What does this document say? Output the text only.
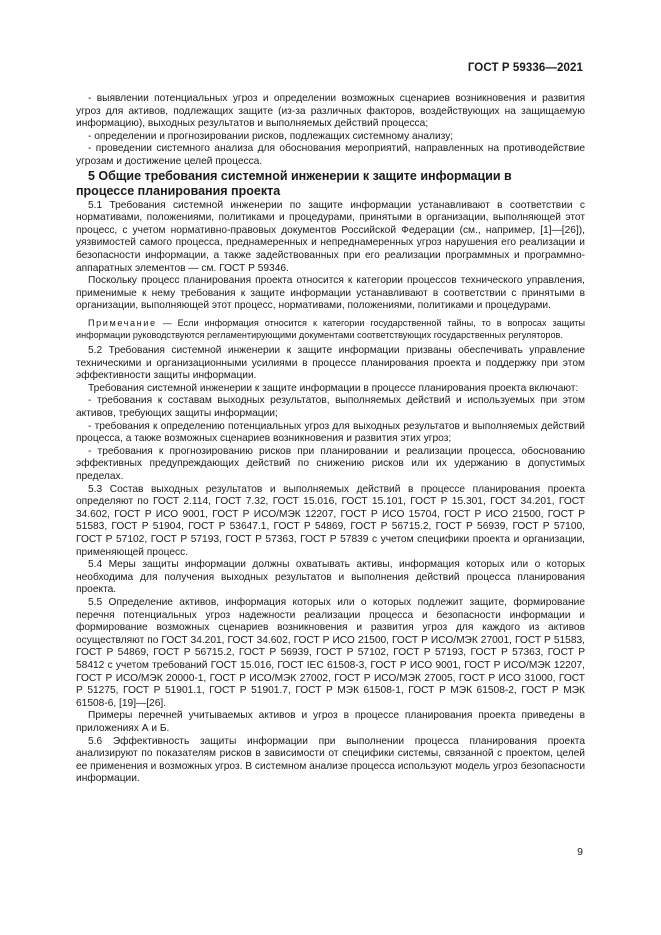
ГОСТ Р 59336—2021

- выявлении потенциальных угроз и определении возможных сценариев возникновения и развития угроз для активов, подлежащих защите (из-за различных факторов, воздействующих на защищаемую информацию), выходных результатов и выполняемых действий процесса;

- определении и прогнозировании рисков, подлежащих системному анализу;

- проведении системного анализа для обоснования мероприятий, направленных на противодействие угрозам и достижение целей процесса.

5 Общие требования системной инженерии к защите информации в процессе планирования проекта

5.1 Требования системной инженерии по защите информации устанавливают в соответствии с нормативами, положениями, политиками и процедурами, принятыми в организации, выполняющей этот процесс, с учетом нормативно-правовых документов Российской Федерации (см., например, [1]—[26]), уязвимостей самого процесса, преднамеренных и непреднамеренных угроз нарушения его реализации и безопасности информации, а также задействованных при его реализации программных и программно-аппаратных элементов — см. ГОСТ Р 59346.

Поскольку процесс планирования проекта относится к категории процессов технического управления, применимые к нему требования к защите информации устанавливают в соответствии с принятыми в организации, выполняющей этот процесс, нормативами, положениями, политиками и процедурами.

Примечание — Если информация относится к категории государственной тайны, то в вопросах защиты информации руководствуются регламентирующими документами соответствующих государственных регуляторов.

5.2 Требования системной инженерии к защите информации призваны обеспечивать управление техническими и организационными усилиями в процессе планирования проекта и поддержку при этом эффективности защиты информации.

Требования системной инженерии к защите информации в процессе планирования проекта включают:

- требования к составам выходных результатов, выполняемых действий и используемых при этом активов, требующих защиты информации;

- требования к определению потенциальных угроз для выходных результатов и выполняемых действий процесса, а также возможных сценариев возникновения и развития этих угроз;

- требования к прогнозированию рисков при планировании и реализации процесса, обоснованию эффективных предупреждающих действий по снижению рисков или их удержанию в допустимых пределах.

5.3 Состав выходных результатов и выполняемых действий в процессе планирования проекта определяют по ГОСТ 2.114, ГОСТ 7.32, ГОСТ 15.016, ГОСТ 15.101, ГОСТ Р 15.301, ГОСТ 34.201, ГОСТ 34.602, ГОСТ Р ИСО 9001, ГОСТ Р ИСО/МЭК 12207, ГОСТ Р ИСО 15704, ГОСТ Р ИСО 21500, ГОСТ Р 51583, ГОСТ Р 51904, ГОСТ Р 53647.1, ГОСТ Р 54869, ГОСТ Р 56715.2, ГОСТ Р 56939, ГОСТ Р 57100, ГОСТ Р 57102, ГОСТ Р 57193, ГОСТ Р 57363, ГОСТ Р 57839 с учетом специфики проекта и организации, применяющей процесс.

5.4 Меры защиты информации должны охватывать активы, информация которых или о которых необходима для получения выходных результатов и выполнения действий процесса планирования проекта.

5.5 Определение активов, информация которых или о которых подлежит защите, формирование перечня потенциальных угроз надежности реализации процесса и безопасности информации и формирование возможных сценариев возникновения и развития угроз для каждого из активов осуществляют по ГОСТ 34.201, ГОСТ 34.602, ГОСТ Р ИСО 21500, ГОСТ Р ИСО/МЭК 27001, ГОСТ Р 51583, ГОСТ Р 54869, ГОСТ Р 56715.2, ГОСТ Р 56939, ГОСТ Р 57102, ГОСТ Р 57193, ГОСТ Р 57363, ГОСТ Р 58412 с учетом требований ГОСТ 15.016, ГОСТ IEC 61508-3, ГОСТ Р ИСО 9001, ГОСТ Р ИСО/МЭК 12207, ГОСТ Р ИСО/МЭК 20000-1, ГОСТ Р ИСО/МЭК 27002, ГОСТ Р ИСО/МЭК 27005, ГОСТ Р ИСО 31000, ГОСТ Р 51275, ГОСТ Р 51901.1, ГОСТ Р 51901.7, ГОСТ Р МЭК 61508-1, ГОСТ Р МЭК 61508-2, ГОСТ Р МЭК 61508-6, [19]—[26].

Примеры перечней учитываемых активов и угроз в процессе планирования проекта приведены в приложениях А и Б.

5.6 Эффективность защиты информации при выполнении процесса планирования проекта анализируют по показателям рисков в зависимости от специфики системы, связанной с проектом, целей ее применения и возможных угроз. В системном анализе процесса используют модель угроз безопасности информации.

9
